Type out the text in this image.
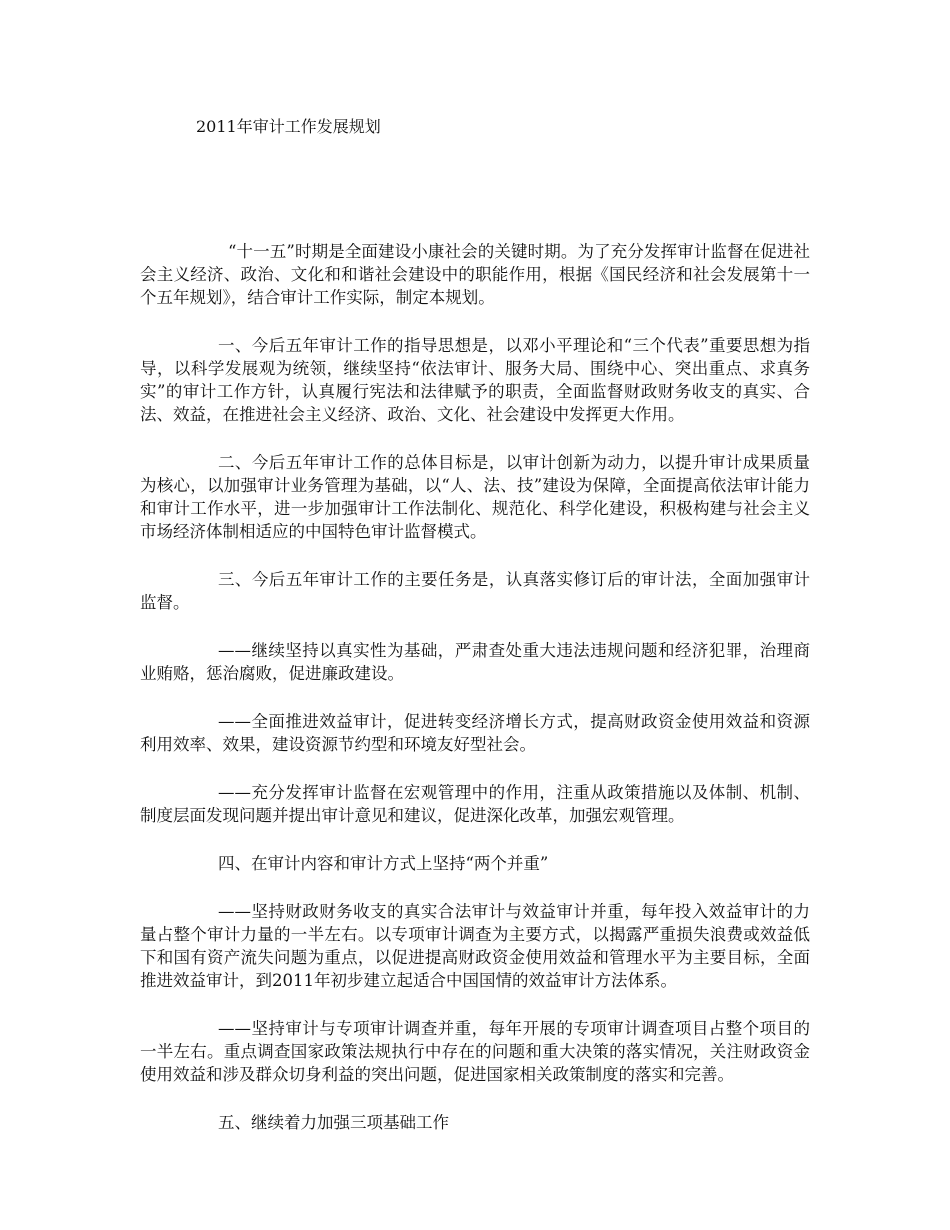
2011年审计工作发展规划

“十一五”时期是全面建设小康社会的关键时期。为了充分发挥审计监督在促进社会主义经济、政治、文化和和谐社会建设中的职能作用，根据《国民经济和社会发展第十一个五年规划》，结合审计工作实际，制定本规划。

一、今后五年审计工作的指导思想是，以邓小平理论和“三个代表”重要思想为指导，以科学发展观为统领，继续坚持“依法审计、服务大局、围绕中心、突出重点、求真务实”的审计工作方针，认真履行宪法和法律赋予的职责，全面监督财政财务收支的真实、合法、效益，在推进社会主义经济、政治、文化、社会建设中发挥更大作用。

二、今后五年审计工作的总体目标是，以审计创新为动力，以提升审计成果质量为核心，以加强审计业务管理为基础，以“人、法、技”建设为保障，全面提高依法审计能力和审计工作水平，进一步加强审计工作法制化、规范化、科学化建设，积极构建与社会主义市场经济体制相适应的中国特色审计监督模式。

三、今后五年审计工作的主要任务是，认真落实修订后的审计法，全面加强审计监督。

——继续坚持以真实性为基础，严肃查处重大违法违规问题和经济犯罪，治理商业贿赂，惩治腐败，促进廉政建设。

——全面推进效益审计，促进转变经济增长方式，提高财政资金使用效益和资源利用效率、效果，建设资源节约型和环境友好型社会。

——充分发挥审计监督在宏观管理中的作用，注重从政策措施以及体制、机制、制度层面发现问题并提出审计意见和建议，促进深化改革，加强宏观管理。

四、在审计内容和审计方式上坚持“两个并重”

——坚持财政财务收支的真实合法审计与效益审计并重，每年投入效益审计的力量占整个审计力量的一半左右。以专项审计调查为主要方式，以揭露严重损失浪费或效益低下和国有资产流失问题为重点，以促进提高财政资金使用效益和管理水平为主要目标，全面推进效益审计，到2011年初步建立起适合中国国情的效益审计方法体系。

——坚持审计与专项审计调查并重，每年开展的专项审计调查项目占整个项目的一半左右。重点调查国家政策法规执行中存在的问题和重大决策的落实情况，关注财政资金使用效益和涉及群众切身利益的突出问题，促进国家相关政策制度的落实和完善。

五、继续着力加强三项基础工作
